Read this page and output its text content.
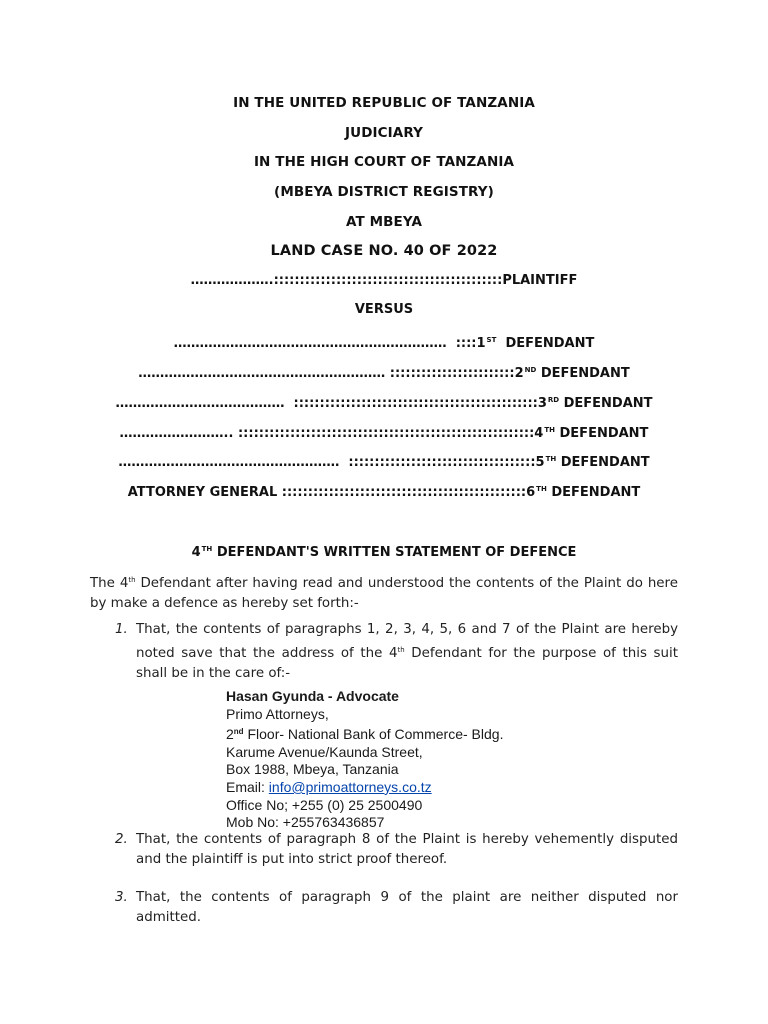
IN THE UNITED REPUBLIC OF TANZANIA
JUDICIARY
IN THE HIGH COURT OF TANZANIA
(MBEYA DISTRICT REGISTRY)
AT MBEYA
LAND CASE NO. 40 OF 2022
……………….::::::::::::::::::::::::::::::::::::::::::::PLAINTIFF
VERSUS
……………………………………………………… ::::1ST DEFENDANT
………………………………………………… ::::::::::::::::::::::::2ND DEFENDANT
………………………………… :::::::::::::::::::::::::::::::::::::::::::::::3RD DEFENDANT
…………………….. :::::::::::::::::::::::::::::::::::::::::::::::::::::::::4TH DEFENDANT
…………………………………………… ::::::::::::::::::::::::::::::::::::5TH DEFENDANT
ATTORNEY GENERAL :::::::::::::::::::::::::::::::::::::::::::::::6TH DEFENDANT
4TH DEFENDANT'S WRITTEN STATEMENT OF DEFENCE
The 4th Defendant after having read and understood the contents of the Plaint do here by make a defence as hereby set forth:-
1. That, the contents of paragraphs 1, 2, 3, 4, 5, 6 and 7 of the Plaint are hereby noted save that the address of the 4th Defendant for the purpose of this suit shall be in the care of:-
Hasan Gyunda - Advocate
Primo Attorneys,
2nd Floor- National Bank of Commerce- Bldg.
Karume Avenue/Kaunda Street,
Box 1988, Mbeya, Tanzania
Email: info@primoattorneys.co.tz
Office No; +255 (0) 25 2500490
Mob No: +255763436857
2. That, the contents of paragraph 8 of the Plaint is hereby vehemently disputed and the plaintiff is put into strict proof thereof.
3. That, the contents of paragraph 9 of the plaint are neither disputed nor admitted.
